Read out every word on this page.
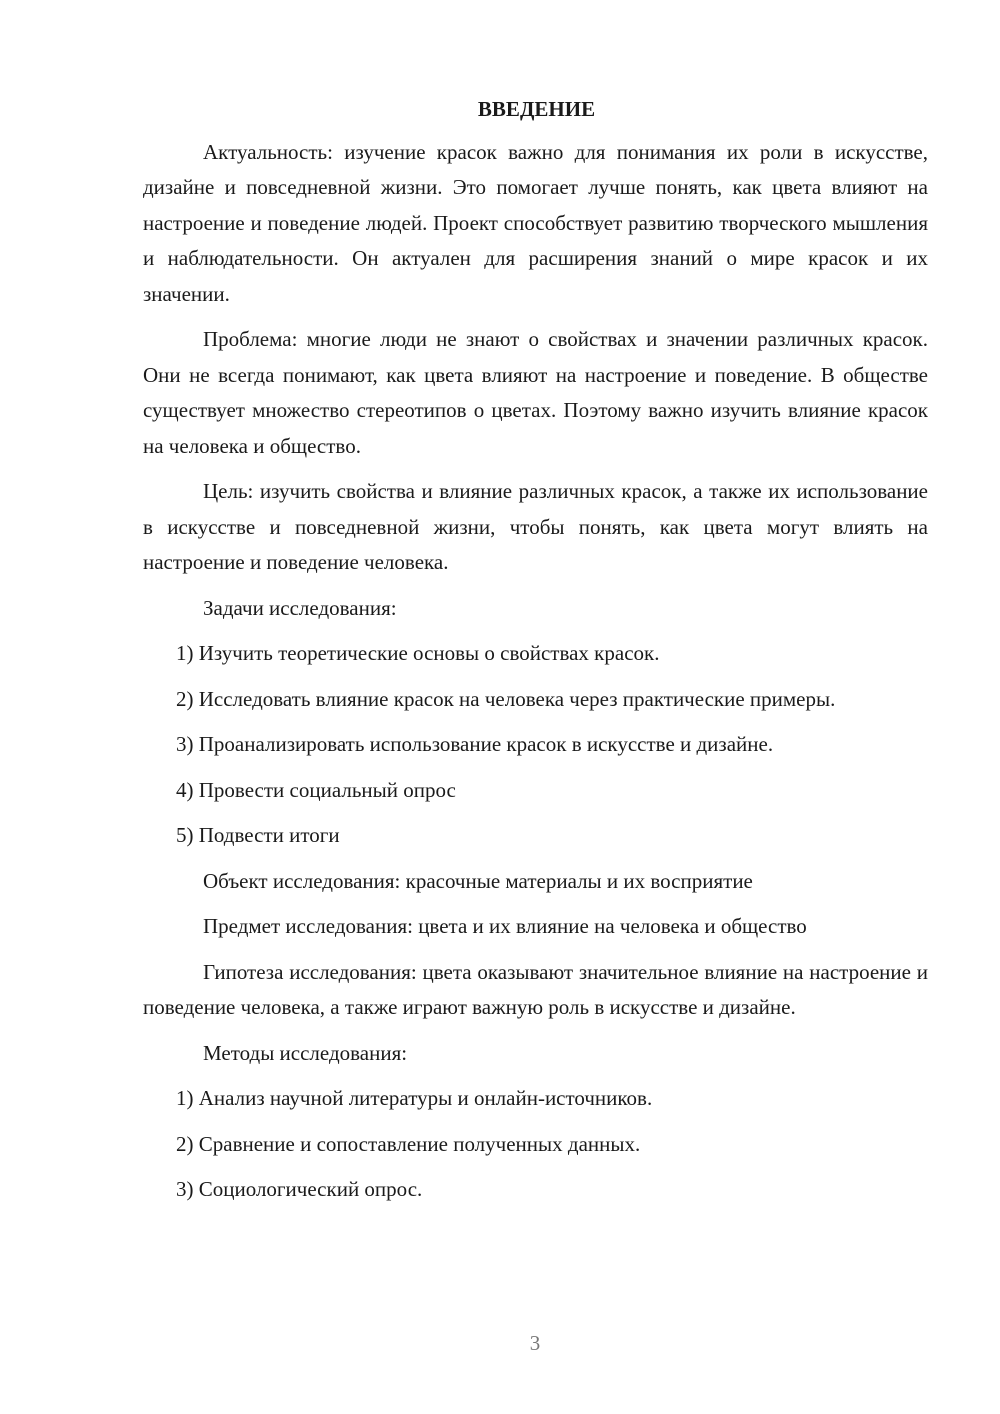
ВВЕДЕНИЕ
Актуальность: изучение красок важно для понимания их роли в искусстве, дизайне и повседневной жизни. Это помогает лучше понять, как цвета влияют на настроение и поведение людей. Проект способствует развитию творческого мышления и наблюдательности. Он актуален для расширения знаний о мире красок и их значении.
Проблема: многие люди не знают о свойствах и значении различных красок. Они не всегда понимают, как цвета влияют на настроение и поведение. В обществе существует множество стереотипов о цветах. Поэтому важно изучить влияние красок на человека и общество.
Цель: изучить свойства и влияние различных красок, а также их использование в искусстве и повседневной жизни, чтобы понять, как цвета могут влиять на настроение и поведение человека.
Задачи исследования:
1) Изучить теоретические основы о свойствах красок.
2) Исследовать влияние красок на человека через практические примеры.
3) Проанализировать использование красок в искусстве и дизайне.
4) Провести социальный опрос
5) Подвести итоги
Объект исследования: красочные материалы и их восприятие
Предмет исследования: цвета и их влияние на человека и общество
Гипотеза исследования: цвета оказывают значительное влияние на настроение и поведение человека, а также играют важную роль в искусстве и дизайне.
Методы исследования:
1) Анализ научной литературы и онлайн-источников.
2) Сравнение и сопоставление полученных данных.
3) Социологический опрос.
3
